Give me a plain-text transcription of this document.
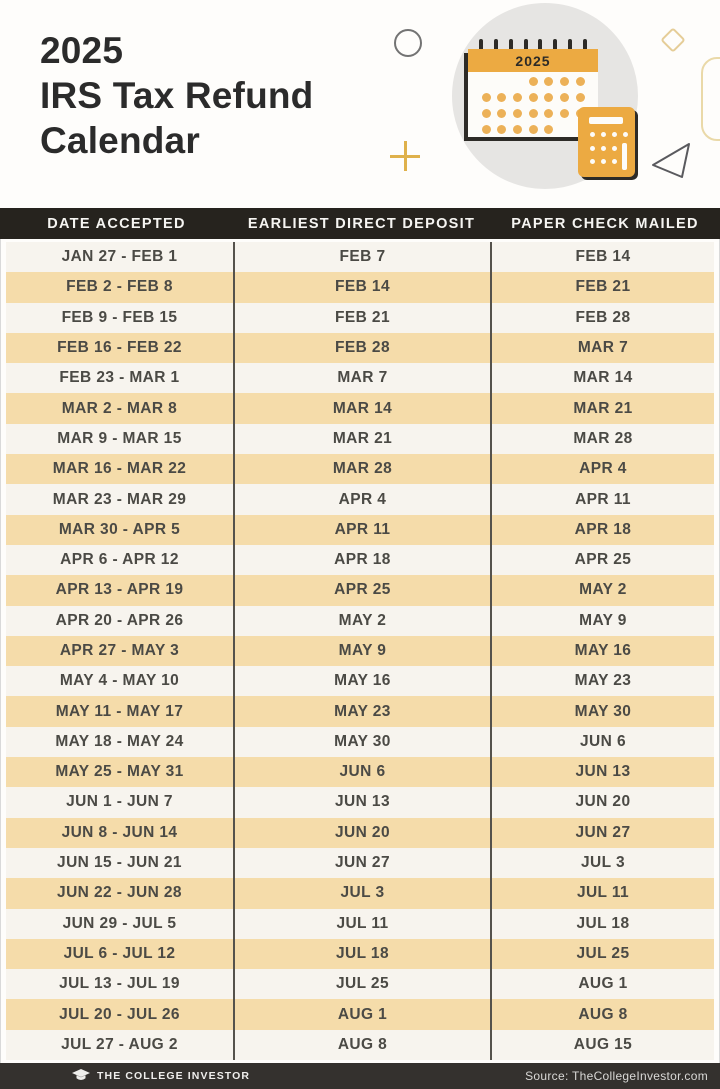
2025
IRS Tax Refund
Calendar
2025
DATE ACCEPTED	EARLIEST DIRECT DEPOSIT	PAPER CHECK MAILED
JAN 27 - FEB 1	FEB 7	FEB 14
FEB 2 - FEB 8	FEB 14	FEB 21
FEB 9 - FEB 15	FEB 21	FEB 28
FEB 16 - FEB 22	FEB 28	MAR 7
FEB 23 - MAR 1	MAR 7	MAR 14
MAR 2 - MAR 8	MAR 14	MAR 21
MAR 9 - MAR 15	MAR 21	MAR 28
MAR 16 - MAR 22	MAR 28	APR 4
MAR 23 - MAR 29	APR 4	APR 11
MAR 30 - APR 5	APR 11	APR 18
APR 6 - APR 12	APR 18	APR 25
APR 13 - APR 19	APR 25	MAY 2
APR 20 - APR 26	MAY 2	MAY 9
APR 27 - MAY 3	MAY 9	MAY 16
MAY 4 - MAY 10	MAY 16	MAY 23
MAY 11 - MAY 17	MAY 23	MAY 30
MAY 18 - MAY 24	MAY 30	JUN 6
MAY 25 - MAY 31	JUN 6	JUN 13
JUN 1 - JUN 7	JUN 13	JUN 20
JUN 8 - JUN 14	JUN 20	JUN 27
JUN 15 - JUN 21	JUN 27	JUL 3
JUN 22 - JUN 28	JUL 3	JUL 11
JUN 29 - JUL 5	JUL 11	JUL 18
JUL 6 - JUL 12	JUL 18	JUL 25
JUL 13 - JUL 19	JUL 25	AUG 1
JUL 20 - JUL 26	AUG 1	AUG 8
JUL 27 - AUG 2	AUG 8	AUG 15
THE COLLEGE INVESTOR	Source: TheCollegeInvestor.com
